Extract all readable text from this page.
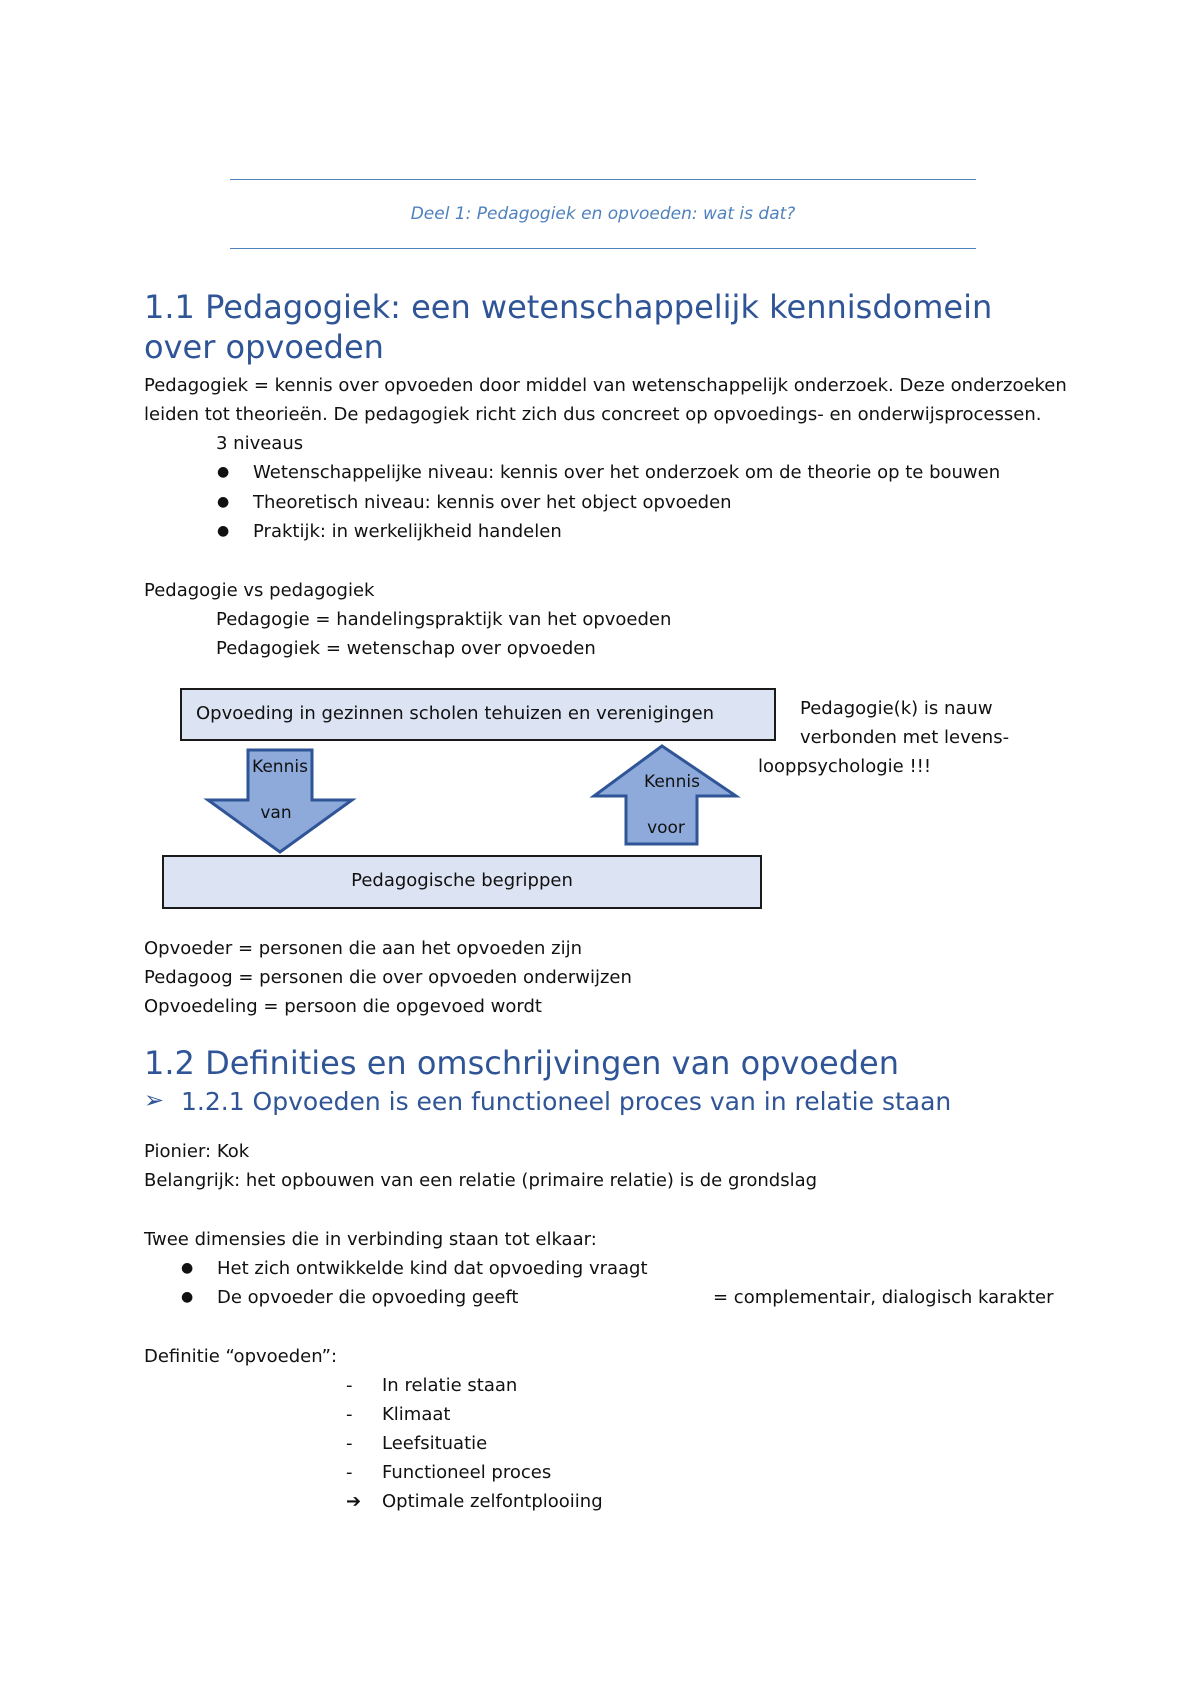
Deel 1: Pedagogiek en opvoeden: wat is dat?
1.1 Pedagogiek: een wetenschappelijk kennisdomein
over opvoeden
Pedagogiek = kennis over opvoeden door middel van wetenschappelijk onderzoek. Deze onderzoeken
leiden tot theorieën. De pedagogiek richt zich dus concreet op opvoedings- en onderwijsprocessen.
3 niveaus
● Wetenschappelijke niveau: kennis over het onderzoek om de theorie op te bouwen
● Theoretisch niveau: kennis over het object opvoeden
● Praktijk: in werkelijkheid handelen
Pedagogie vs pedagogiek
Pedagogie = handelingspraktijk van het opvoeden
Pedagogiek = wetenschap over opvoeden
Opvoeding in gezinnen scholen tehuizen en verenigingen
Kennis
van
Kennis
voor
Pedagogische begrippen
Pedagogie(k) is nauw
verbonden met levens-
looppsychologie !!!
Opvoeder = personen die aan het opvoeden zijn
Pedagoog = personen die over opvoeden onderwijzen
Opvoedeling = persoon die opgevoed wordt
1.2 Definities en omschrijvingen van opvoeden
➢ 1.2.1 Opvoeden is een functioneel proces van in relatie staan
Pionier: Kok
Belangrijk: het opbouwen van een relatie (primaire relatie) is de grondslag
Twee dimensies die in verbinding staan tot elkaar:
● Het zich ontwikkelde kind dat opvoeding vraagt
● De opvoeder die opvoeding geeft	= complementair, dialogisch karakter
Definitie “opvoeden”:
- In relatie staan
- Klimaat
- Leefsituatie
- Functioneel proces
➔ Optimale zelfontplooiing
